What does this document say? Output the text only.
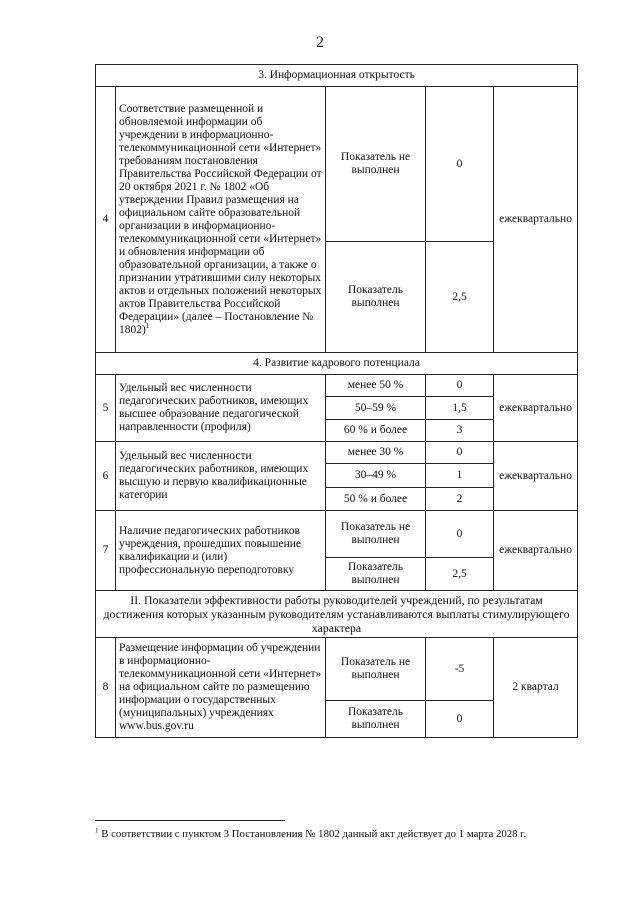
2
3. Информационная открытость				
4	Соответствие размещенной и обновляемой информации об учреждении в информационно-телекоммуникационной сети «Интернет» требованиям постановления Правительства Российской Федерации от 20 октября 2021 г. № 1802 «Об утверждении Правил размещения на официальном сайте образовательной организации в информационно-телекоммуникационной сети «Интернет» и обновления информации об образовательной организации, а также о признании утратившими силу некоторых актов и отдельных положений некоторых актов Правительства Российской Федерации» (далее – Постановление № 1802)$^1$	Показатель не выполнен	0	ежеквартально
		Показатель выполнен	2,5	
4. Развитие кадрового потенциала				
5	Удельный вес численности педагогических работников, имеющих высшее образование педагогической направленности (профиля)	менее 50 %	0	ежеквартально
		50–59 %	1,5	
		60 % и более	3	
6	Удельный вес численности педагогических работников, имеющих высшую и первую квалификационные категории	менее 30 %	0	ежеквартально
		30–49 %	1	
		50 % и более	2	
7	Наличие педагогических работников учреждения, прошедших повышение квалификации и (или) профессиональную переподготовку	Показатель не выполнен	0	ежеквартально
		Показатель выполнен	2,5	
II. Показатели эффективности работы руководителей учреждений, по результатам достижения которых указанным руководителям устанавливаются выплаты стимулирующего характера				
8	Размещение информации об учреждении в информационно-телекоммуникационной сети «Интернет» на официальном сайте по размещению информации о государственных (муниципальных) учреждениях www.bus.gov.ru	Показатель не выполнен	-5	2 квартал
		Показатель выполнен	0	
$^1$ В соответствии с пунктом 3 Постановления № 1802 данный акт действует до 1 марта 2028 г.
